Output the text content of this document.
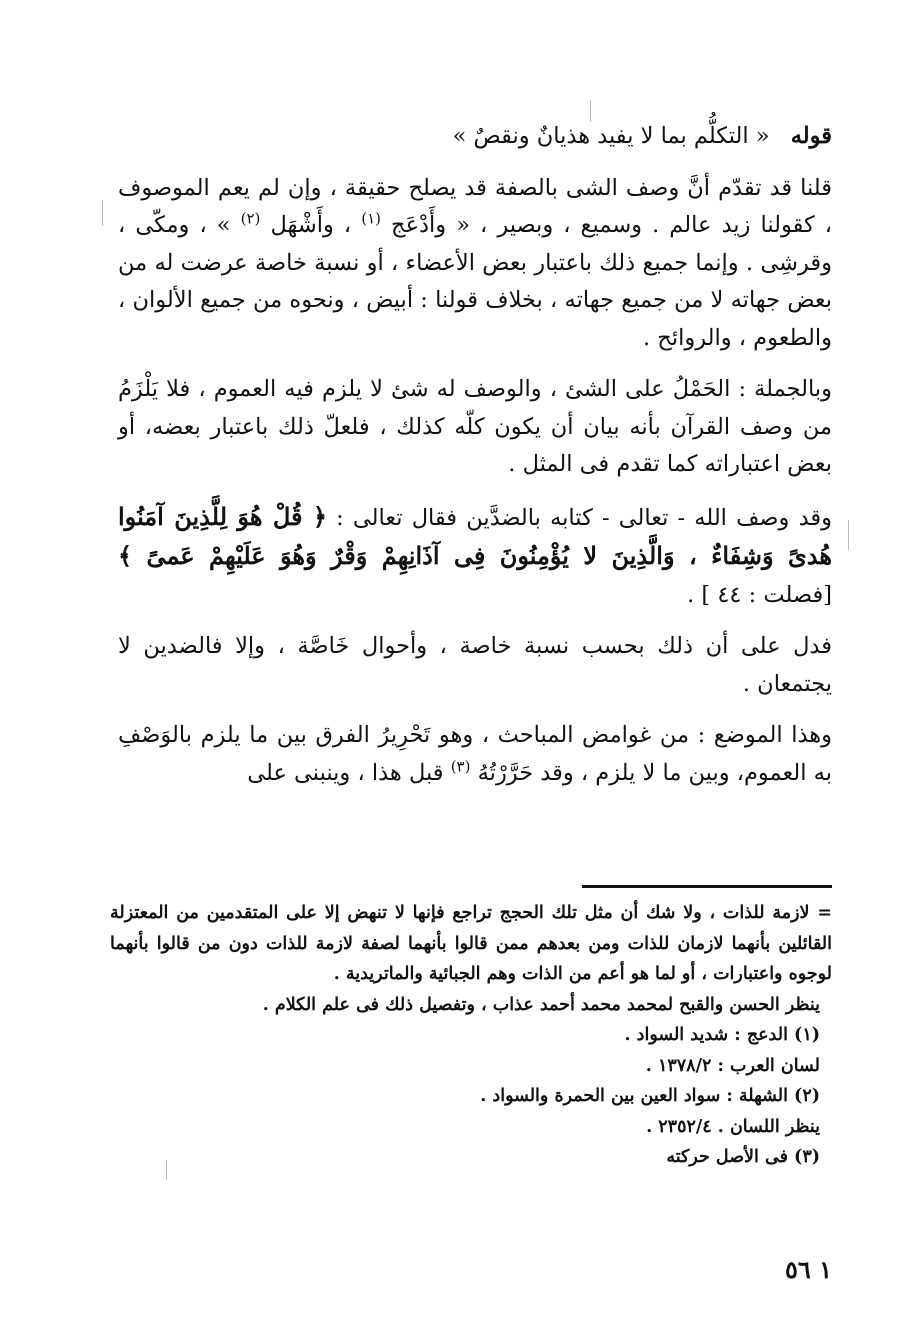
قوله « التكلُّم بما لا يفيد هذيانٌ ونقصٌ »

قلنا قد تقدّم أنَّ وصف الشى بالصفة قد يصلح حقيقة ، وإن لم يعم الموصوف ، كقولنا زيد عالم . وسميع ، وبصير ، « وأَدْعَج $^{(١)}$ ، وأَشْهَل $^{(٢)}$ » ، ومكّى ، وقرشِى . وإنما جميع ذلك باعتبار بعض الأعضاء ، أو نسبة خاصة عرضت له من بعض جهاته لا من جميع جهاته ، بخلاف قولنا : أبيض ، ونحوه من جميع الألوان ، والطعوم ، والروائح .

وبالجملة : الحَمْلُ على الشئ ، والوصف له شئ لا يلزم فيه العموم ، فلا يَلْزَمُ من وصف القرآن بأنه بيان أن يكون كلّه كذلك ، فلعلّ ذلك باعتبار بعضه، أو بعض اعتباراته كما تقدم فى المثل .

وقد وصف الله - تعالى - كتابه بالضدَّين فقال تعالى : ﴿ قُلْ هُوَ لِلَّذِينَ آمَنُوا هُدىً وَشِفَاءٌ ، وَالَّذِينَ لا يُؤْمِنُونَ فِى آذَانِهِمْ وَقْرٌ وَهُوَ عَلَيْهِمْ عَمىً ﴾ [فصلت : ٤٤ ] .

فدل على أن ذلك بحسب نسبة خاصة ، وأحوال خَاصَّة ، وإلا فالضدين لا يجتمعان .

وهذا الموضع : من غوامض المباحث ، وهو تَحْرِيرُ الفرق بين ما يلزم بالوَصْفِ به العموم، وبين ما لا يلزم ، وقد حَرَّرْتُهُ $^{(٣)}$ قبل هذا ، وينبنى على

= لازمة للذات ، ولا شك أن مثل تلك الحجج تراجع فإنها لا تنهض إلا على المتقدمين من المعتزلة القائلين بأنهما لازمان للذات ومن بعدهم ممن قالوا بأنهما لصفة لازمة للذات دون من قالوا بأنهما لوجوه واعتبارات ، أو لما هو أعم من الذات وهم الجبائية والماتريدية .

ينظر الحسن والقبح لمحمد محمد أحمد عذاب ، وتفصيل ذلك فى علم الكلام .

(١) الدعج : شديد السواد .

لسان العرب : ١٣٧٨/٢ .

(٢) الشهلة : سواد العين بين الحمرة والسواد .

ينظر اللسان . ٢٣٥٢/٤ .

(٣) فى الأصل حركته

١ ٥٦
